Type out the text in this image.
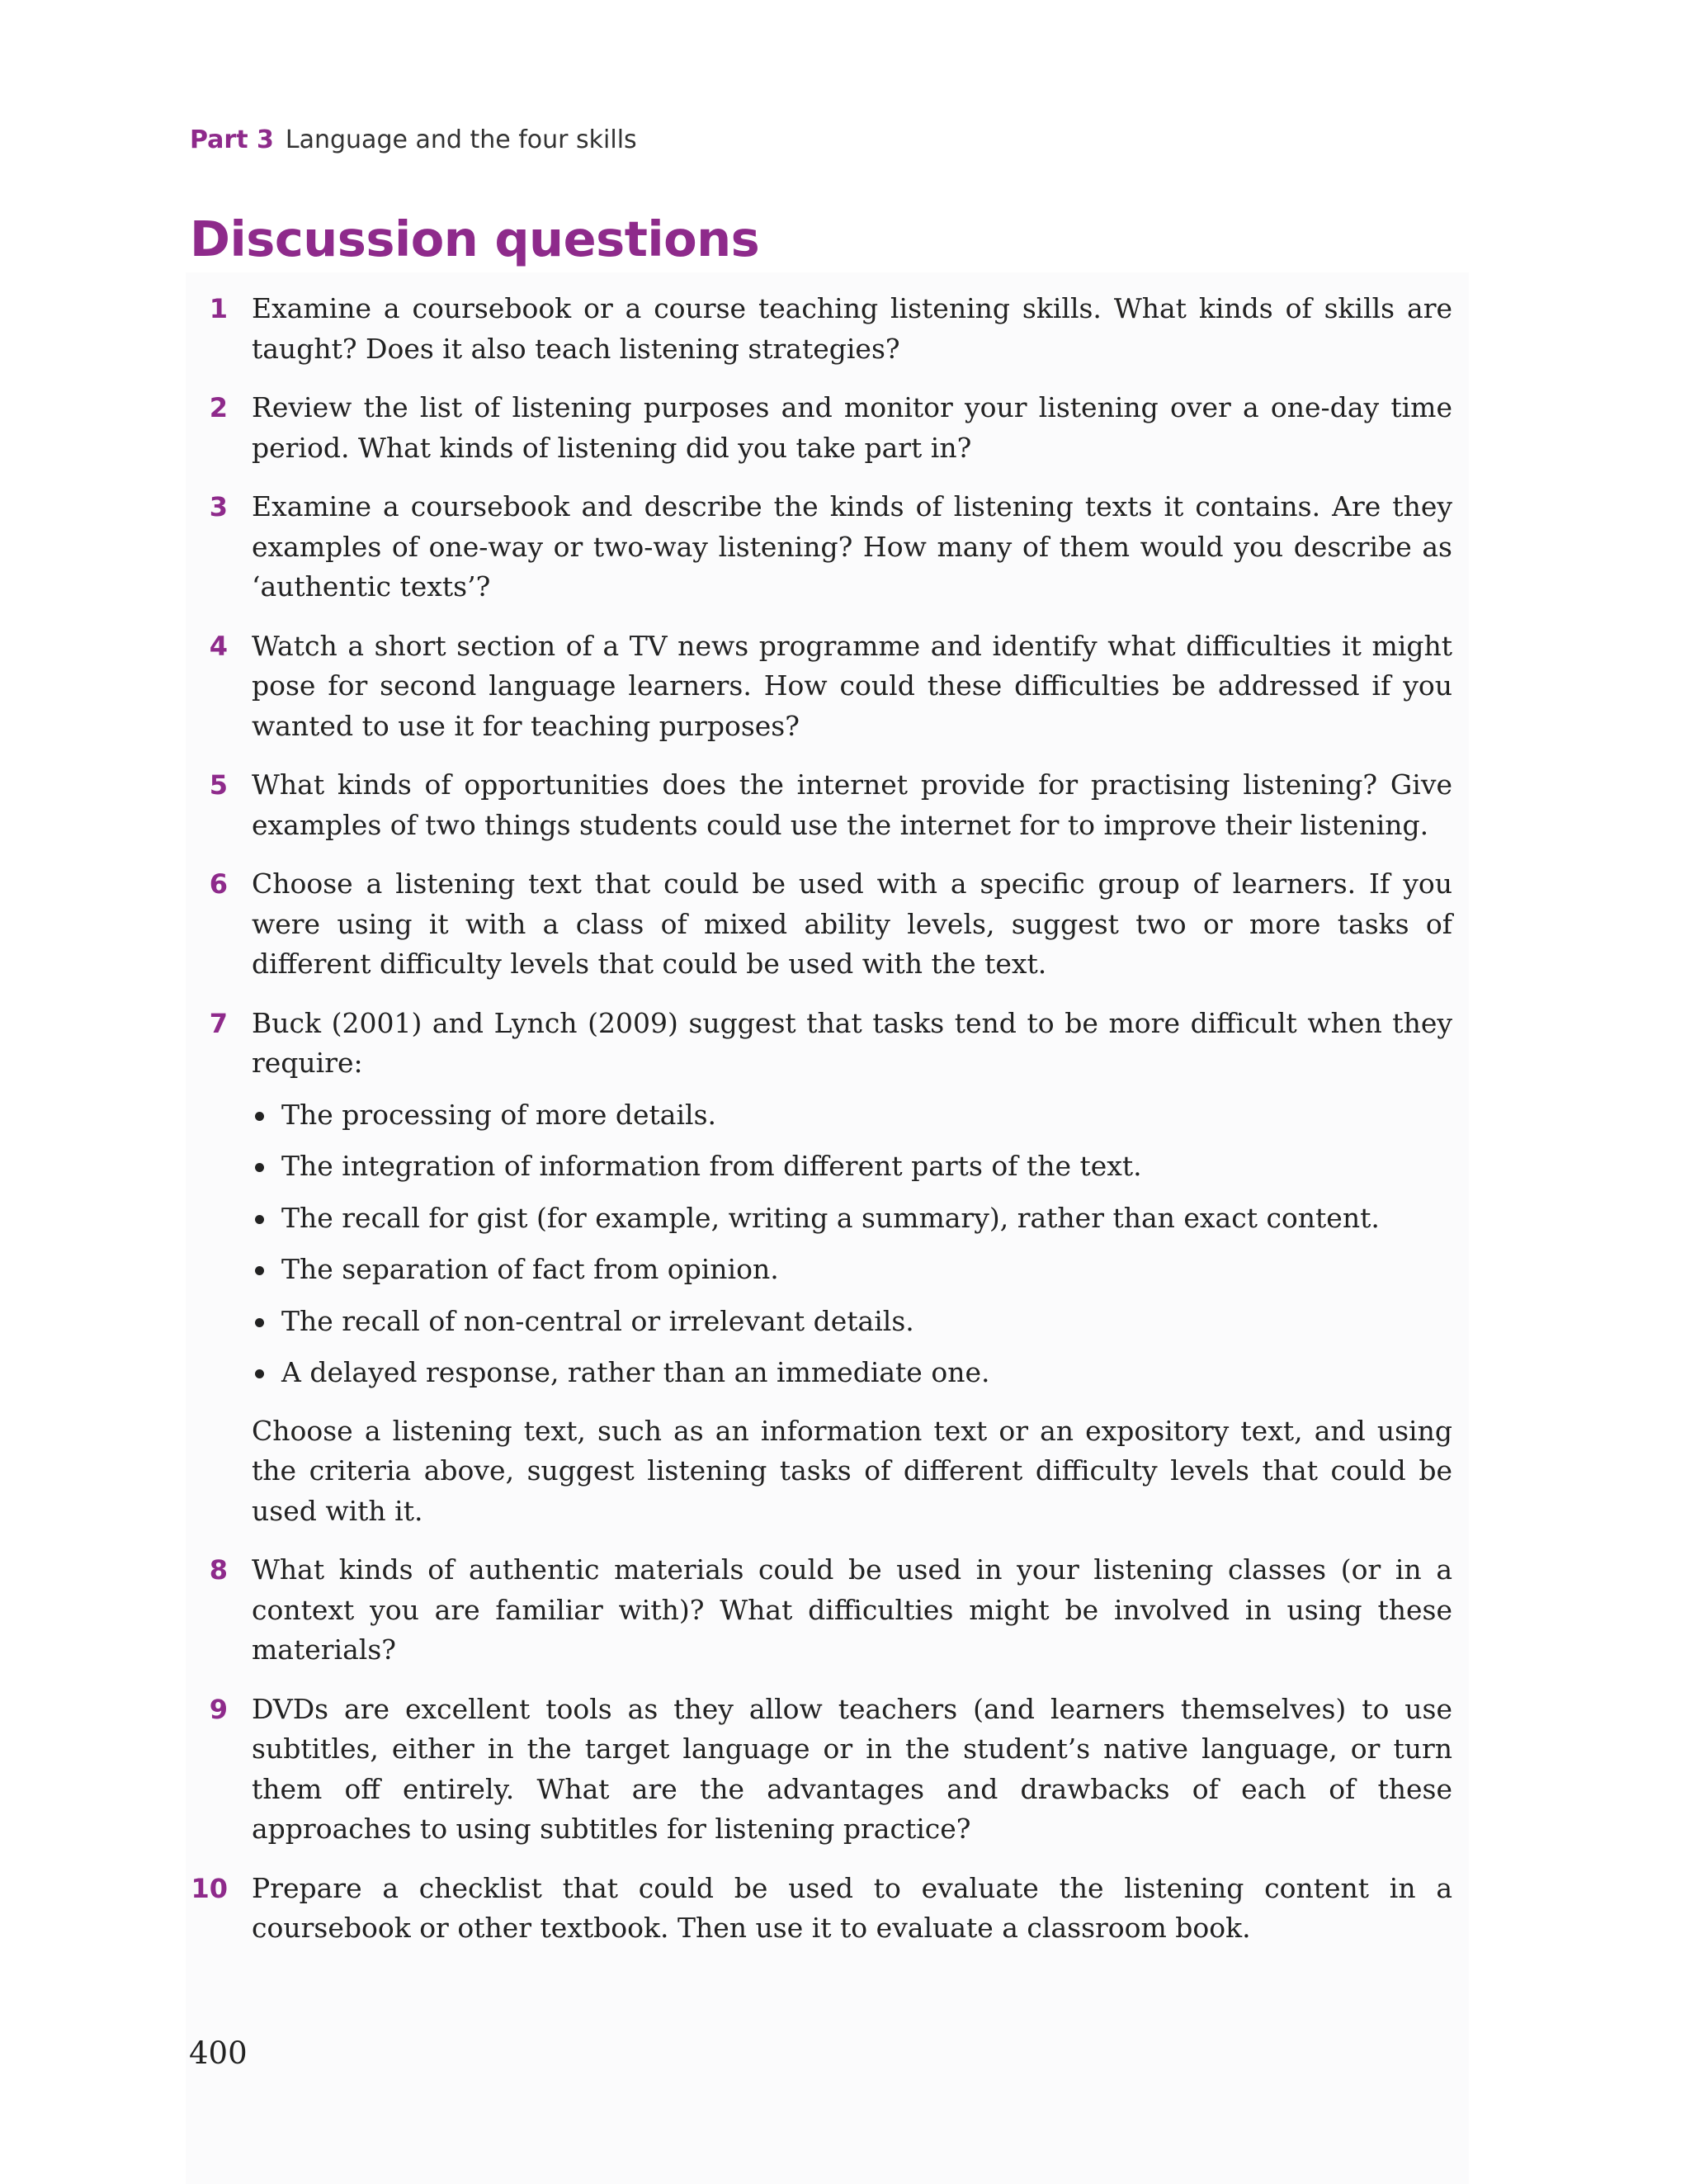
Part 3 Language and the four skills
Discussion questions
1 Examine a coursebook or a course teaching listening skills. What kinds of skills are taught? Does it also teach listening strategies?

2 Review the list of listening purposes and monitor your listening over a one-day time period. What kinds of listening did you take part in?

3 Examine a coursebook and describe the kinds of listening texts it contains. Are they examples of one-way or two-way listening? How many of them would you describe as ‘authentic texts’?

4 Watch a short section of a TV news programme and identify what difficulties it might pose for second language learners. How could these difficulties be addressed if you wanted to use it for teaching purposes?

5 What kinds of opportunities does the internet provide for practising listening? Give examples of two things students could use the internet for to improve their listening.

6 Choose a listening text that could be used with a specific group of learners. If you were using it with a class of mixed ability levels, suggest two or more tasks of different difficulty levels that could be used with the text.

7 Buck (2001) and Lynch (2009) suggest that tasks tend to be more difficult when they require:

The processing of more details.
The integration of information from different parts of the text.
The recall for gist (for example, writing a summary), rather than exact content.
The separation of fact from opinion.
The recall of non-central or irrelevant details.
A delayed response, rather than an immediate one.

Choose a listening text, such as an information text or an expository text, and using the criteria above, suggest listening tasks of different difficulty levels that could be used with it.

8 What kinds of authentic materials could be used in your listening classes (or in a context you are familiar with)? What difficulties might be involved in using these materials?

9 DVDs are excellent tools as they allow teachers (and learners themselves) to use subtitles, either in the target language or in the student’s native language, or turn them off entirely. What are the advantages and drawbacks of each of these approaches to using subtitles for listening practice?

10 Prepare a checklist that could be used to evaluate the listening content in a coursebook or other textbook. Then use it to evaluate a classroom book.

400
